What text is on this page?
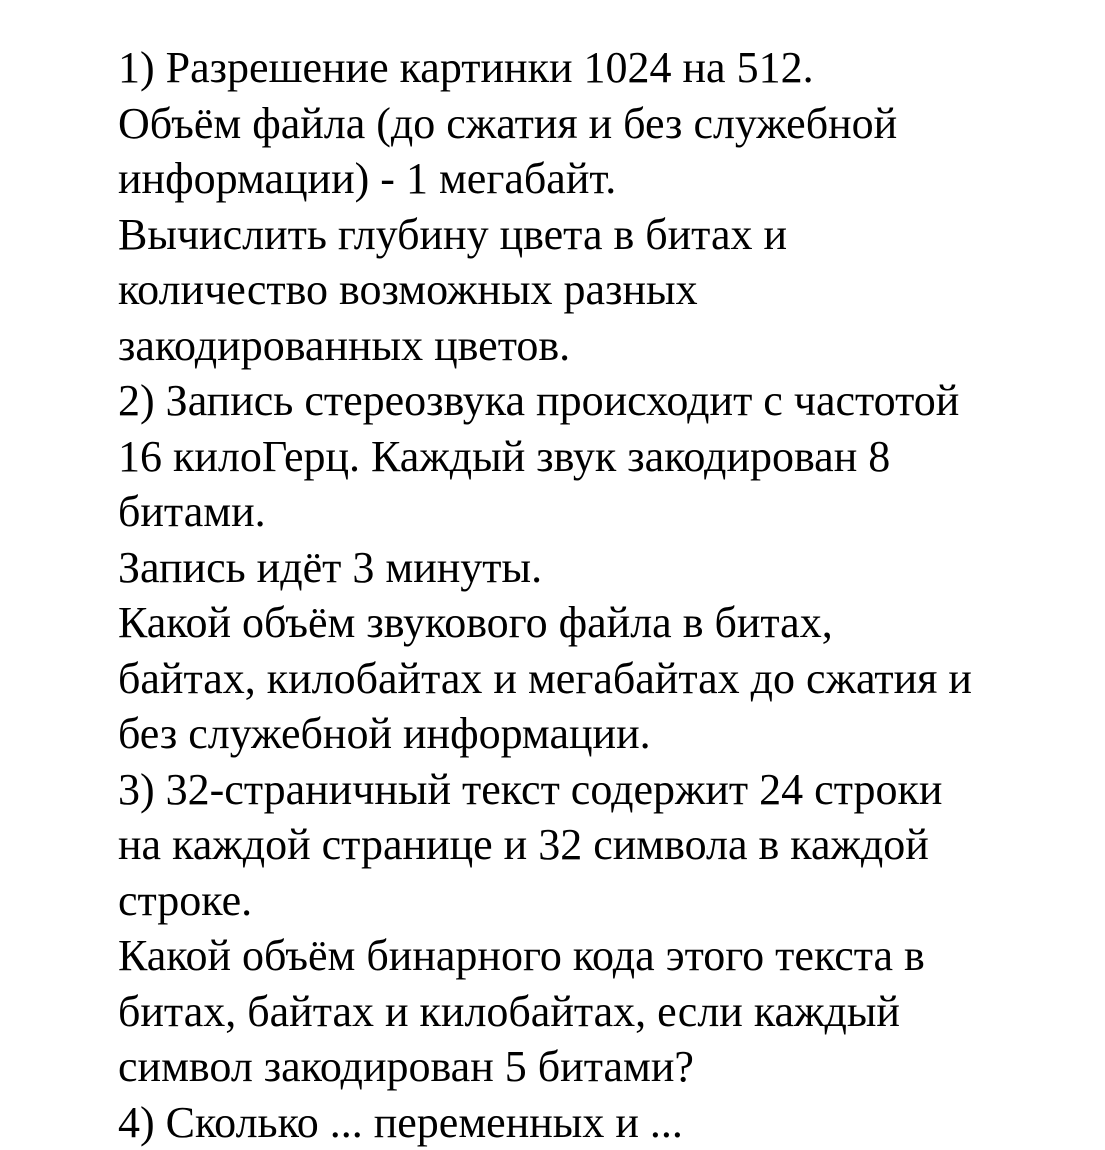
1) Разрешение картинки 1024 на 512.
Объём файла (до сжатия и без служебной
информации) - 1 мегабайт.
Вычислить глубину цвета в битах и
количество возможных разных
закодированных цветов.
2) Запись стереозвука происходит с частотой
16 килоГерц. Каждый звук закодирован 8
битами.
Запись идёт 3 минуты.
Какой объём звукового файла в битах,
байтах, килобайтах и мегабайтах до сжатия и
без служебной информации.
3) 32-страничный текст содержит 24 строки
на каждой странице и 32 символа в каждой
строке.
Какой объём бинарного кода этого текста в
битах, байтах и килобайтах, если каждый
символ закодирован 5 битами?
4) Сколько ... переменных и ...
